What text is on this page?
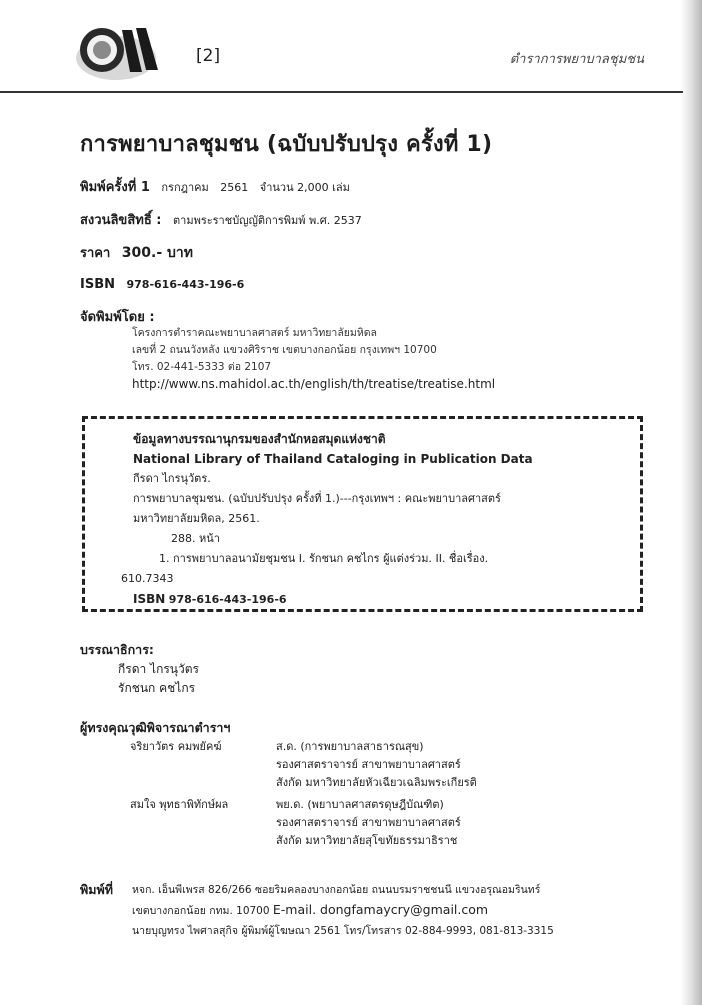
[2]	ตำราการพยาบาลชุมชน
การพยาบาลชุมชน (ฉบับปรับปรุง ครั้งที่ 1)
พิมพ์ครั้งที่ 1 กรกฎาคม 2561 จำนวน 2,000 เล่ม
สงวนลิขสิทธิ์ : ตามพระราชบัญญัติการพิมพ์ พ.ศ. 2537
ราคา 300.- บาท
ISBN 978-616-443-196-6
จัดพิมพ์โดย :
โครงการตำราคณะพยาบาลศาสตร์ มหาวิทยาลัยมหิดล
เลขที่ 2 ถนนวังหลัง แขวงศิริราช เขตบางกอกน้อย กรุงเทพฯ 10700
โทร. 02-441-5333 ต่อ 2107
http://www.ns.mahidol.ac.th/english/th/treatise/treatise.html
ข้อมูลทางบรรณานุกรมของสำนักหอสมุดแห่งชาติ
National Library of Thailand Cataloging in Publication Data
กีรดา ไกรนุวัตร.
การพยาบาลชุมชน. (ฉบับปรับปรุง ครั้งที่ 1.)---กรุงเทพฯ : คณะพยาบาลศาสตร์
มหาวิทยาลัยมหิดล, 2561.
288. หน้า
1. การพยาบาลอนามัยชุมชน I. รักชนก คชไกร ผู้แต่งร่วม. II. ชื่อเรื่อง.
610.7343
ISBN 978-616-443-196-6
บรรณาธิการ:
กีรดา ไกรนุวัตร
รักชนก คชไกร
ผู้ทรงคุณวุฒิพิจารณาตำราฯ
จริยาวัตร คมพยัคฆ์	ส.ด. (การพยาบาลสาธารณสุข)
รองศาสตราจารย์ สาขาพยาบาลศาสตร์
สังกัด มหาวิทยาลัยหัวเฉียวเฉลิมพระเกียรติ
สมใจ พุทธาพิทักษ์ผล	พย.ด. (พยาบาลศาสตรดุษฎีบัณฑิต)
รองศาสตราจารย์ สาขาพยาบาลศาสตร์
สังกัด มหาวิทยาลัยสุโขทัยธรรมาธิราช
พิมพ์ที่ หจก. เอ็นพีเพรส 826/266 ซอยริมคลองบางกอกน้อย ถนนบรมราชชนนี แขวงอรุณอมรินทร์
เขตบางกอกน้อย กทม. 10700 E-mail. dongfamaycry@gmail.com
นายบุญทรง ไพศาลสุกิจ ผู้พิมพ์ผู้โฆษณา 2561 โทร/โทรสาร 02-884-9993, 081-813-3315
